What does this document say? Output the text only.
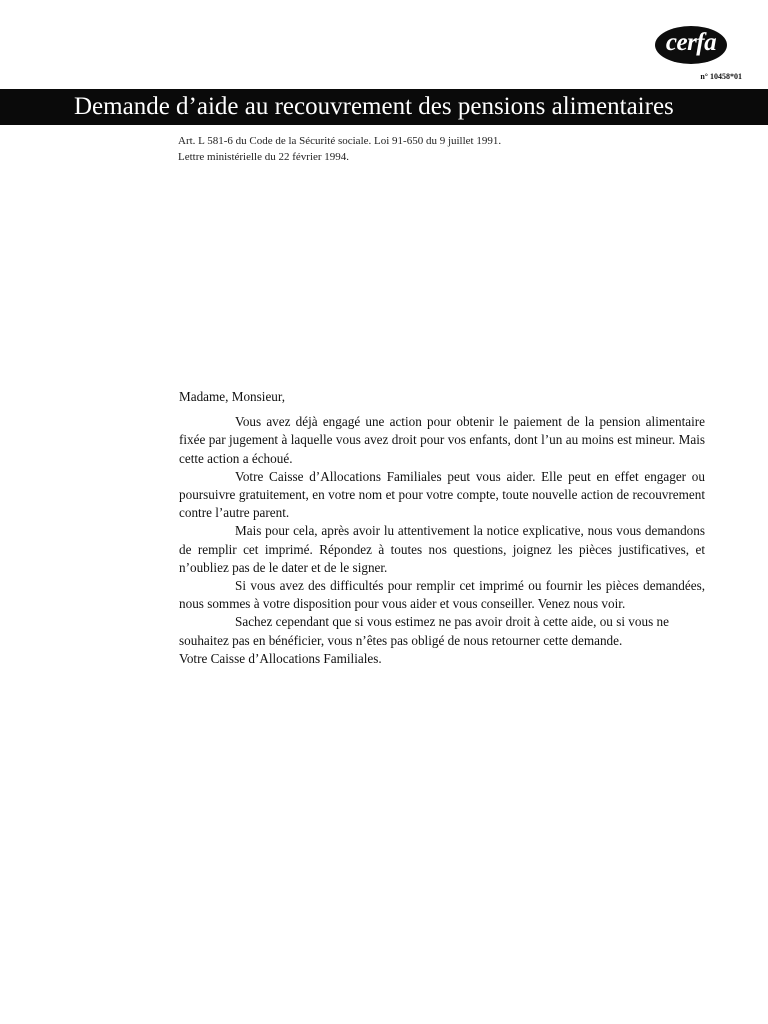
cerfa
n° 10458*01
Demande d’aide au recouvrement des pensions alimentaires
Art. L 581-6 du Code de la Sécurité sociale. Loi 91-650 du 9 juillet 1991.
Lettre ministérielle du 22 février 1994.

Madame, Monsieur,

Vous avez déjà engagé une action pour obtenir le paiement de la pension alimentaire fixée par jugement à laquelle vous avez droit pour vos enfants, dont l’un au moins est mineur. Mais cette action a échoué.

Votre Caisse d’Allocations Familiales peut vous aider. Elle peut en effet engager ou poursuivre gratuitement, en votre nom et pour votre compte, toute nouvelle action de recouvrement contre l’autre parent.

Mais pour cela, après avoir lu attentivement la notice explicative, nous vous demandons de remplir cet imprimé. Répondez à toutes nos questions, joignez les pièces justificatives, et n’oubliez pas de le dater et de le signer.

Si vous avez des difficultés pour remplir cet imprimé ou fournir les pièces demandées, nous sommes à votre disposition pour vous aider et vous conseiller. Venez nous voir.

Sachez cependant que si vous estimez ne pas avoir droit à cette aide, ou si vous ne souhaitez pas en bénéficier, vous n’êtes pas obligé de nous retourner cette demande.

Votre Caisse d’Allocations Familiales.
